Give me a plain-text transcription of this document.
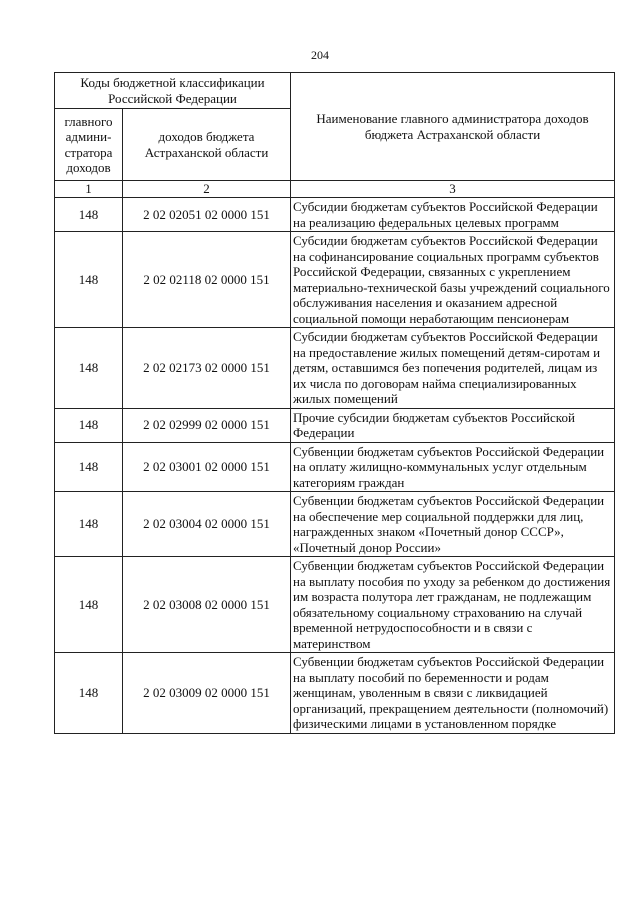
204
Коды бюджетной классификации Российской Федерации		Наименование главного администратора доходов бюджета Астраханской области
главного админи-стратора доходов	доходов бюджета Астраханской области	
1	2	3
148	2 02 02051 02 0000 151	Субсидии бюджетам субъектов Российской Федерации на реализацию федеральных целевых программ
148	2 02 02118 02 0000 151	Субсидии бюджетам субъектов Российской Федерации на софинансирование социальных программ субъектов Российской Федерации, связанных с укреплением материально-технической базы учреждений социального обслуживания населения и оказанием адресной социальной помощи неработающим пенсионерам
148	2 02 02173 02 0000 151	Субсидии бюджетам субъектов Российской Федерации на предоставление жилых помещений детям-сиротам и детям, оставшимся без попечения родителей, лицам из их числа по договорам найма специализированных жилых помещений
148	2 02 02999 02 0000 151	Прочие субсидии бюджетам субъектов Российской Федерации
148	2 02 03001 02 0000 151	Субвенции бюджетам субъектов Российской Федерации на оплату жилищно-коммунальных услуг отдельным категориям граждан
148	2 02 03004 02 0000 151	Субвенции бюджетам субъектов Российской Федерации на обеспечение мер социальной поддержки для лиц, награжденных знаком «Почетный донор СССР», «Почетный донор России»
148	2 02 03008 02 0000 151	Субвенции бюджетам субъектов Российской Федерации на выплату пособия по уходу за ребенком до достижения им возраста полутора лет гражданам, не подлежащим обязательному социальному страхованию на случай временной нетрудоспособности и в связи с материнством
148	2 02 03009 02 0000 151	Субвенции бюджетам субъектов Российской Федерации на выплату пособий по беременности и родам женщинам, уволенным в связи с ликвидацией организаций, прекращением деятельности (полномочий) физическими лицами в установленном порядке
